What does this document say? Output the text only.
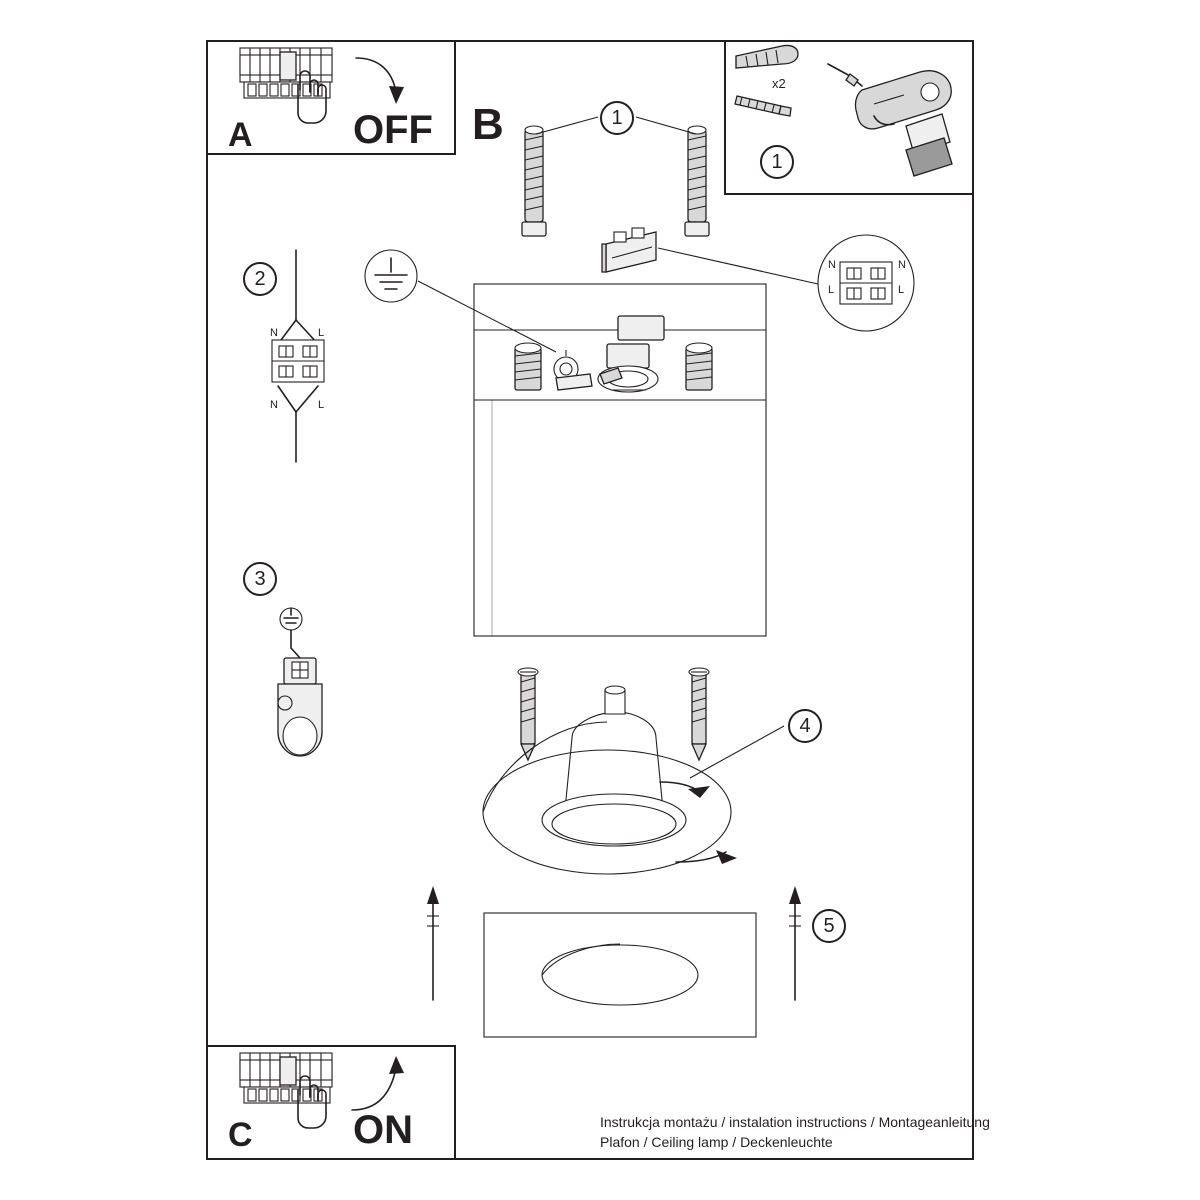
A	OFF B
C	ON
1
1
2
3
4
5
Instrukcja montażu / instalation instructions / Montageanleitung
Plafon / Ceiling lamp / Deckenleuchte
x2
N	N
L	L
N	L
N	L
